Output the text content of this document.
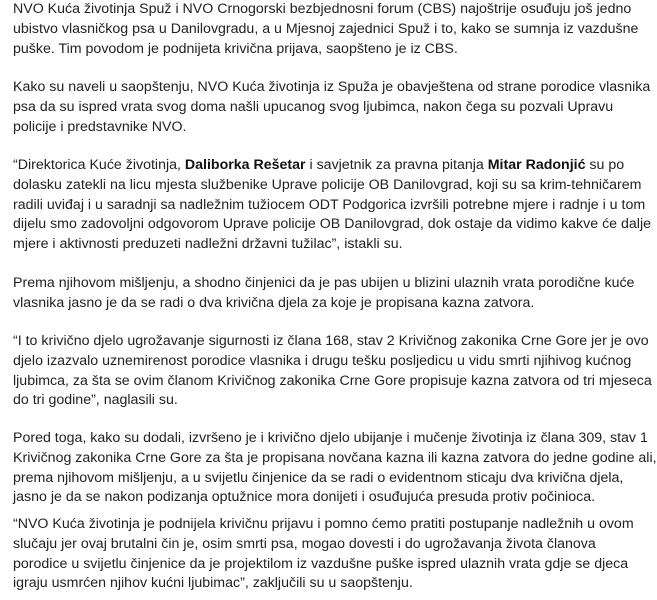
NVO Kuća životinja Spuž i NVO Crnogorski bezbjednosni forum (CBS) najoštrije osuđuju još jedno
ubistvo vlasničkog psa u Danilovgradu, a u Mjesnoj zajednici Spuž i to, kako se sumnja iz vazdušne
puške. Tim povodom je podnijeta krivična prijava, saopšteno je iz CBS.

Kako su naveli u saopštenju, NVO Kuća životinja iz Spuža je obavještena od strane porodice vlasnika
psa da su ispred vrata svog doma našli upucanog svog ljubimca, nakon čega su pozvali Upravu
policije i predstavnike NVO.

“Direktorica Kuće životinja, Daliborka Rešetar i savjetnik za pravna pitanja Mitar Radonjić su po
dolasku zatekli na licu mjesta službenike Uprave policije OB Danilovgrad, koji su sa krim-tehničarem
radili uviđaj i u saradnji sa nadležnim tužiocem ODT Podgorica izvršili potrebne mjere i radnje i u tom
dijelu smo zadovoljni odgovorom Uprave policije OB Danilovgrad, dok ostaje da vidimo kakve će dalje
mjere i aktivnosti preduzeti nadležni državni tužilac”, istakli su.

Prema njihovom mišljenju, a shodno činjenici da je pas ubijen u blizini ulaznih vrata porodične kuće
vlasnika jasno je da se radi o dva krivična djela za koje je propisana kazna zatvora.

“I to krivično djelo ugrožavanje sigurnosti iz člana 168, stav 2 Krivičnog zakonika Crne Gore jer je ovo
djelo izazvalo uznemirenost porodice vlasnika i drugu tešku posljedicu u vidu smrti njihivog kućnog
ljubimca, za šta se ovim članom Krivičnog zakonika Crne Gore propisuje kazna zatvora od tri mjeseca
do tri godine”, naglasili su.

Pored toga, kako su dodali, izvršeno je i krivično djelo ubijanje i mučenje životinja iz člana 309, stav 1
Krivičnog zakonika Crne Gore za šta je propisana novčana kazna ili kazna zatvora do jedne godine ali,
prema njihovom mišljenju, a u svijetlu činjenice da se radi o evidentnom sticaju dva krivična djela,
jasno je da se nakon podizanja optužnice mora donijeti i osuđujuća presuda protiv počinioca.

“NVO Kuća životinja je podnijela krivičnu prijavu i pomno ćemo pratiti postupanje nadležnih u ovom
slučaju jer ovaj brutalni čin je, osim smrti psa, mogao dovesti i do ugrožavanja života članova
porodice u svijetlu činjenice da je projektilom iz vazdušne puške ispred ulaznih vrata gdje se djeca
igraju usmrćen njihov kućni ljubimac”, zaključili su u saopštenju.
